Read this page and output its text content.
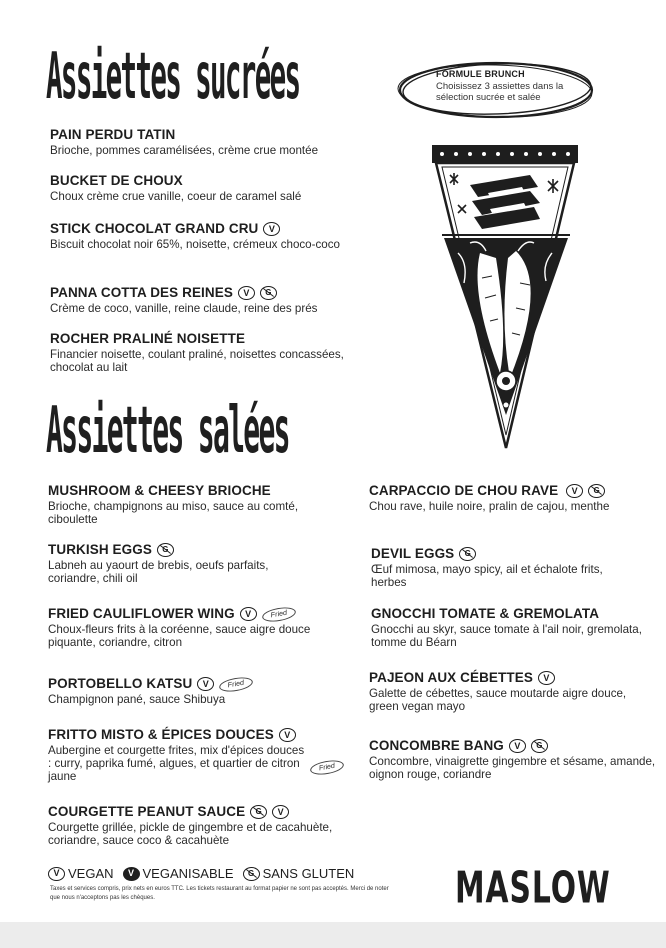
Assiettes sucrées	FORMULE BRUNCH
Choisissez 3 assiettes dans la sélection sucrée et salée
PAIN PERDU TATIN
Brioche, pommes caramélisées, crème crue montée
BUCKET DE CHOUX
Choux crème crue vanille, coeur de caramel salé
STICK CHOCOLAT GRAND CRU	V
Biscuit chocolat noir 65%, noisette, crémeux choco-coco
PANNA COTTA DES REINES	V	G
Crème de coco, vanille, reine claude, reine des prés
ROCHER PRALINÉ NOISETTE
Financier noisette, coulant praliné, noisettes concassées, chocolat au lait
Assiettes salées
MUSHROOM & CHEESY BRIOCHE
Brioche, champignons au miso, sauce au comté, ciboulette
TURKISH EGGS G
Labneh au yaourt de brebis, oeufs parfaits, coriandre, chili oil
FRIED CAULIFLOWER WING	V	Fried
Choux-fleurs frits à la coréenne, sauce aigre douce piquante, coriandre, citron
PORTOBELLO KATSU	V	Fried
Champignon pané, sauce Shibuya
FRITTO MISTO & ÉPICES DOUCES	V
Aubergine et courgette frites, mix d'épices douces : curry, paprika fumé, algues, et quartier de citron jaune
Fried
COURGETTE PEANUT SAUCE G	V
Courgette grillée, pickle de gingembre et de cacahuète, coriandre, sauce coco & cacahuète
CARPACCIO DE CHOU RAVE	V	G
Chou rave, huile noire, pralin de cajou, menthe
DEVIL EGGS G
Œuf mimosa, mayo spicy, ail et échalote frits, herbes
GNOCCHI TOMATE & GREMOLATA
Gnocchi au skyr, sauce tomate à l'ail noir, gremolata, tomme du Béarn
PAJEON AUX CÉBETTES	V
Galette de cébettes, sauce moutarde aigre douce, green vegan mayo
CONCOMBRE BANG	V	G
Concombre, vinaigrette gingembre et sésame, amande, oignon rouge, coriandre
V VEGAN	V VEGANISABLE G SANS GLUTEN
Taxes et services compris, prix nets en euros TTC. Les tickets restaurant au format papier ne sont pas acceptés. Merci de noter que nous n'acceptons pas les chèques.	MASLOW
